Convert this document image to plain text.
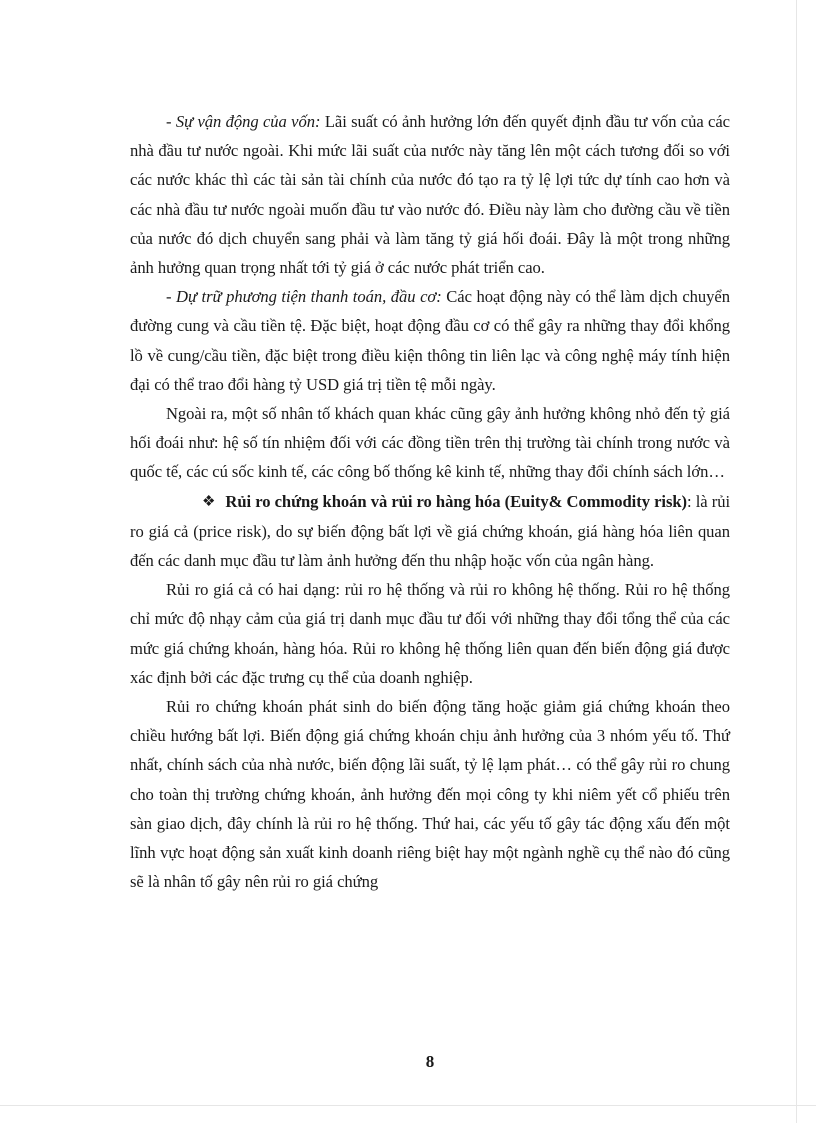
- Sự vận động của vốn: Lãi suất có ảnh hưởng lớn đến quyết định đầu tư vốn của các nhà đầu tư nước ngoài. Khi mức lãi suất của nước này tăng lên một cách tương đối so với các nước khác thì các tài sản tài chính của nước đó tạo ra tỷ lệ lợi tức dự tính cao hơn và các nhà đầu tư nước ngoài muốn đầu tư vào nước đó. Điều này làm cho đường cầu về tiền của nước đó dịch chuyển sang phải và làm tăng tỷ giá hối đoái. Đây là một trong những ảnh hưởng quan trọng nhất tới tỷ giá ở các nước phát triển cao.

- Dự trữ phương tiện thanh toán, đầu cơ: Các hoạt động này có thể làm dịch chuyển đường cung và cầu tiền tệ. Đặc biệt, hoạt động đầu cơ có thể gây ra những thay đổi khổng lồ về cung/cầu tiền, đặc biệt trong điều kiện thông tin liên lạc và công nghệ máy tính hiện đại có thể trao đổi hàng tỷ USD giá trị tiền tệ mỗi ngày.

Ngoài ra, một số nhân tố khách quan khác cũng gây ảnh hưởng không nhỏ đến tỷ giá hối đoái như: hệ số tín nhiệm đối với các đồng tiền trên thị trường tài chính trong nước và quốc tế, các cú sốc kinh tế, các công bố thống kê kinh tế, những thay đổi chính sách lớn…

❖ Rủi ro chứng khoán và rủi ro hàng hóa (Euity& Commodity risk): là rủi ro giá cả (price risk), do sự biến động bất lợi về giá chứng khoán, giá hàng hóa liên quan đến các danh mục đầu tư làm ảnh hưởng đến thu nhập hoặc vốn của ngân hàng.

Rủi ro giá cả có hai dạng: rủi ro hệ thống và rủi ro không hệ thống. Rủi ro hệ thống chỉ mức độ nhạy cảm của giá trị danh mục đầu tư đối với những thay đổi tổng thể của các mức giá chứng khoán, hàng hóa. Rủi ro không hệ thống liên quan đến biến động giá được xác định bởi các đặc trưng cụ thể của doanh nghiệp.

Rủi ro chứng khoán phát sinh do biến động tăng hoặc giảm giá chứng khoán theo chiều hướng bất lợi. Biến động giá chứng khoán chịu ảnh hưởng của 3 nhóm yếu tố. Thứ nhất, chính sách của nhà nước, biến động lãi suất, tỷ lệ lạm phát… có thể gây rủi ro chung cho toàn thị trường chứng khoán, ảnh hưởng đến mọi công ty khi niêm yết cổ phiếu trên sàn giao dịch, đây chính là rủi ro hệ thống. Thứ hai, các yếu tố gây tác động xấu đến một lĩnh vực hoạt động sản xuất kinh doanh riêng biệt hay một ngành nghề cụ thể nào đó cũng sẽ là nhân tố gây nên rủi ro giá chứng

8
